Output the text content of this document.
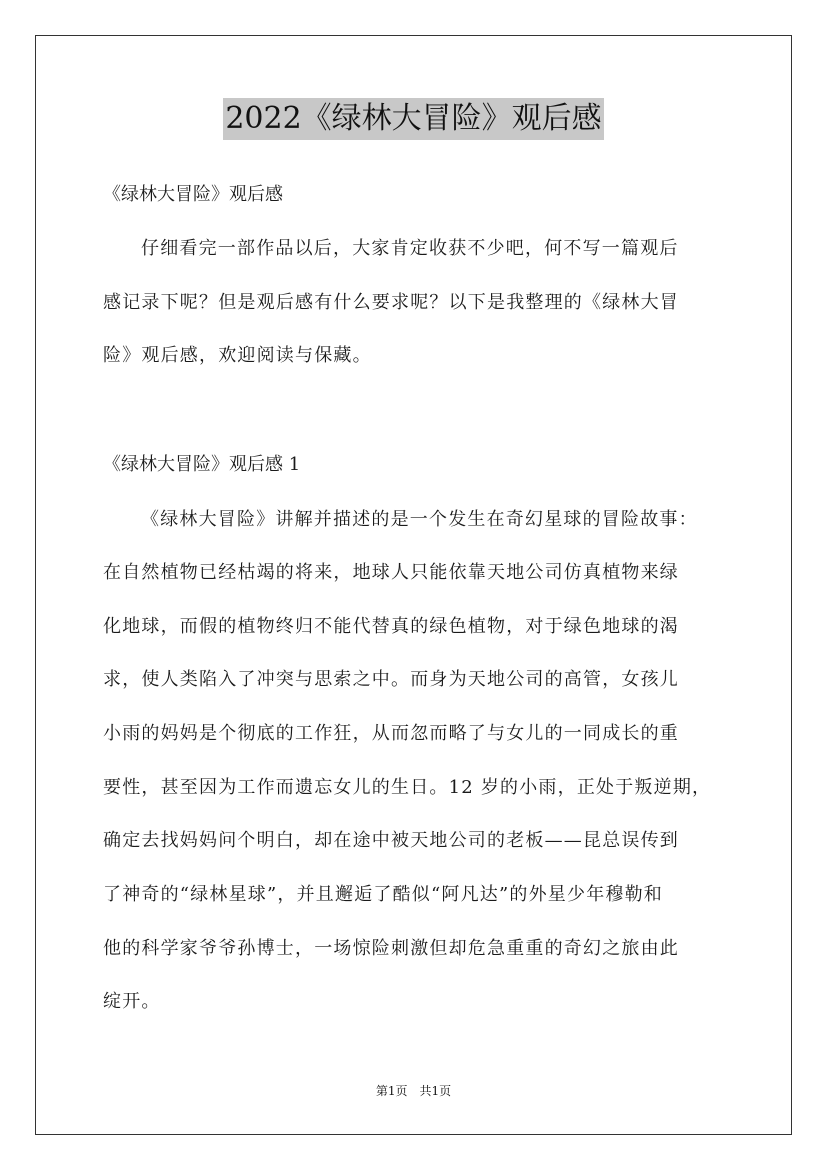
2022《绿林大冒险》观后感
《绿林大冒险》观后感
仔细看完一部作品以后，大家肯定收获不少吧，何不写一篇观后
感记录下呢？但是观后感有什么要求呢？以下是我整理的《绿林大冒
险》观后感，欢迎阅读与保藏。
《绿林大冒险》观后感 1
《绿林大冒险》讲解并描述的是一个发生在奇幻星球的冒险故事：
在自然植物已经枯竭的将来，地球人只能依靠天地公司仿真植物来绿
化地球，而假的植物终归不能代替真的绿色植物，对于绿色地球的渴
求，使人类陷入了冲突与思索之中。而身为天地公司的高管，女孩儿
小雨的妈妈是个彻底的工作狂，从而忽而略了与女儿的一同成长的重
要性，甚至因为工作而遗忘女儿的生日。12 岁的小雨，正处于叛逆期，
确定去找妈妈问个明白，却在途中被天地公司的老板——昆总误传到
了神奇的“绿林星球”，并且邂逅了酷似“阿凡达”的外星少年穆勒和
他的科学家爷爷孙博士，一场惊险刺激但却危急重重的奇幻之旅由此
绽开。
第1页　共1页
